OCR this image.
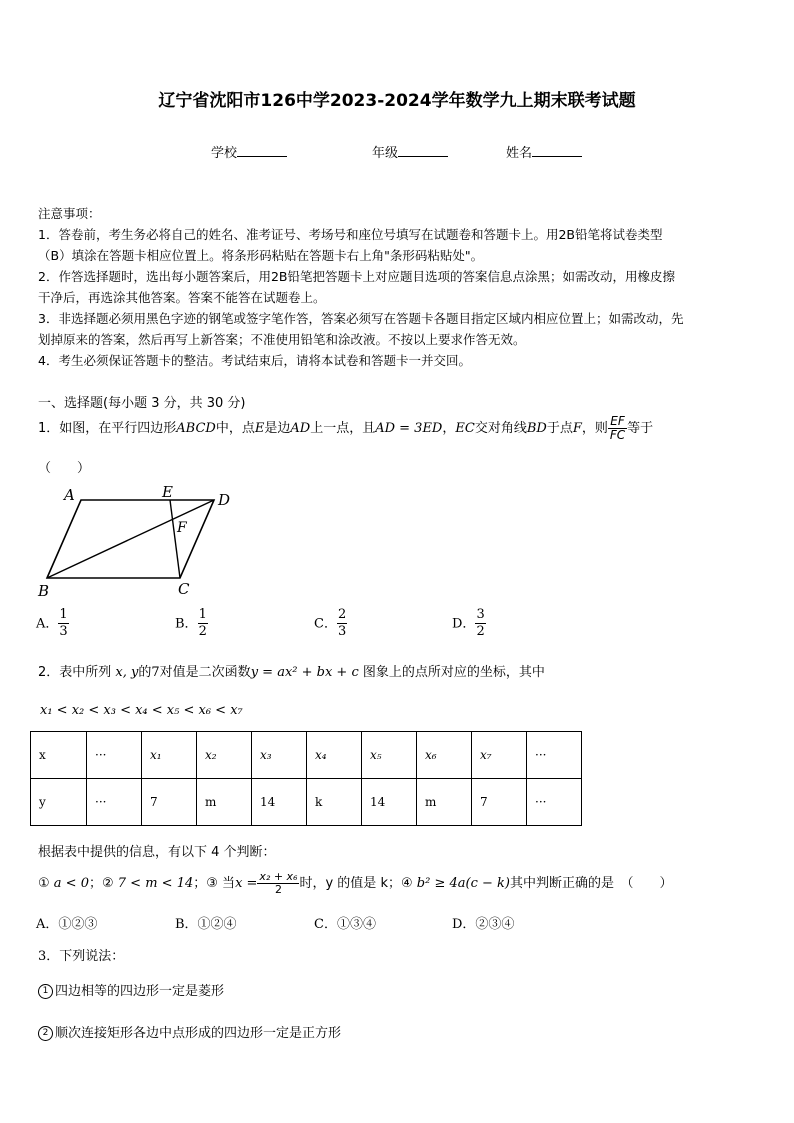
辽宁省沈阳市126中学2023-2024学年数学九上期末联考试题
学校	年级	姓名
注意事项：
1．答卷前，考生务必将自己的姓名、准考证号、考场号和座位号填写在试题卷和答题卡上。用2B铅笔将试卷类型
（B）填涂在答题卡相应位置上。将条形码粘贴在答题卡右上角"条形码粘贴处"。
2．作答选择题时，选出每小题答案后，用2B铅笔把答题卡上对应题目选项的答案信息点涂黑；如需改动，用橡皮擦
干净后，再选涂其他答案。答案不能答在试题卷上。
3．非选择题必须用黑色字迹的钢笔或签字笔作答，答案必须写在答题卡各题目指定区域内相应位置上；如需改动，先
划掉原来的答案，然后再写上新答案；不准使用铅笔和涂改液。不按以上要求作答无效。
4．考生必须保证答题卡的整洁。考试结束后，请将本试卷和答题卡一并交回。
一、选择题(每小题 3 分，共 30 分)
1．如图，在平行四边形ABCD中，点E是边AD上一点，且AD = 3ED，EC交对角线BD于点F，则 $\frac{EF}{FC}$ 等于
（　　）
A	E	D
F
B	C
A． $\frac{1}{3}$	B． $\frac{1}{2}$	C． $\frac{2}{3}$	D． $\frac{3}{2}$
2．表中所列 x, y的7对值是二次函数y = ax² + bx + c 图象上的点所对应的坐标，其中
x₁ < x₂ < x₃ < x₄ < x₅ < x₆ < x₇
x	···	x₁	x₂	x₃	x₄	x₅	x₆	x₇	···
y	···	7	m	14	k	14	m	7	···
根据表中提供的信息，有以下 4 个判断：
① a < 0；② 7 < m < 14；③ 当$x = \frac{\text{x₂ + x₆}}{2}$ 时，y 的值是 k；④ b² ≥ 4a(c − k)其中判断正确的是　（　　）
A．①②③	B．①②④	C．①③④	D．②③④
3．下列说法：
1 四边相等的四边形一定是菱形
2 顺次连接矩形各边中点形成的四边形一定是正方形
